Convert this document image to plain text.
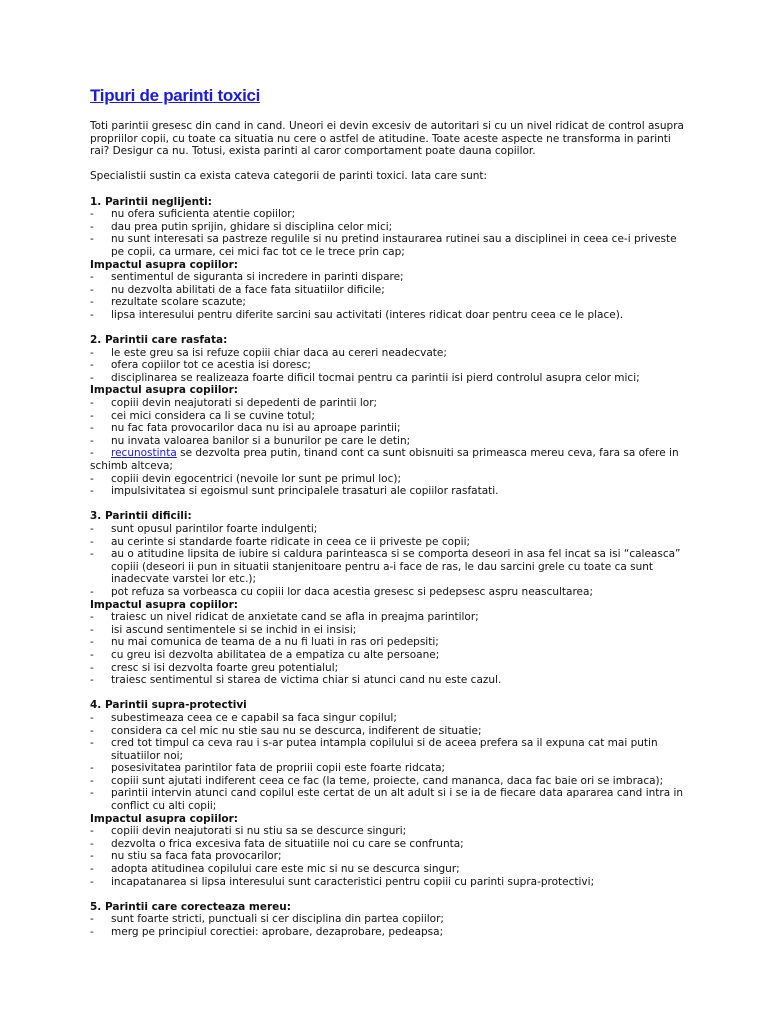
Tipuri de parinti toxici

Toti parintii gresesc din cand in cand. Uneori ei devin excesiv de autoritari si cu un nivel ridicat de control asupra propriilor copii, cu toate ca situatia nu cere o astfel de atitudine. Toate aceste aspecte ne transforma in parinti rai? Desigur ca nu. Totusi, exista parinti al caror comportament poate dauna copiilor.

Specialistii sustin ca exista cateva categorii de parinti toxici. Iata care sunt:

1. Parintii neglijenti:

- nu ofera suficienta atentie copiilor;
- dau prea putin sprijin, ghidare si disciplina celor mici;
- nu sunt interesati sa pastreze regulile si nu pretind instaurarea rutinei sau a disciplinei in ceea ce-i priveste pe copii, ca urmare, cei mici fac tot ce le trece prin cap;

Impactul asupra copiilor:

- sentimentul de siguranta si incredere in parinti dispare;
- nu dezvolta abilitati de a face fata situatiilor dificile;
- rezultate scolare scazute;
- lipsa interesului pentru diferite sarcini sau activitati (interes ridicat doar pentru ceea ce le place).

2. Parintii care rasfata:

- le este greu sa isi refuze copiii chiar daca au cereri neadecvate;
- ofera copiilor tot ce acestia isi doresc;
- disciplinarea se realizeaza foarte dificil tocmai pentru ca parintii isi pierd controlul asupra celor mici;

Impactul asupra copiilor:

- copiii devin neajutorati si depedenti de parintii lor;
- cei mici considera ca li se cuvine totul;
- nu fac fata provocarilor daca nu isi au aproape parintii;
- nu invata valoarea banilor si a bunurilor pe care le detin;
- recunostinta se dezvolta prea putin, tinand cont ca sunt obisnuiti sa primeasca mereu ceva, fara sa ofere in schimb altceva;
- copiii devin egocentrici (nevoile lor sunt pe primul loc);
- impulsivitatea si egoismul sunt principalele trasaturi ale copiilor rasfatati.

3. Parintii dificili:

- sunt opusul parintilor foarte indulgenti;
- au cerinte si standarde foarte ridicate in ceea ce ii priveste pe copii;
- au o atitudine lipsita de iubire si caldura parinteasca si se comporta deseori in asa fel incat sa isi “caleasca” copiii (deseori ii pun in situatii stanjenitoare pentru a-i face de ras, le dau sarcini grele cu toate ca sunt inadecvate varstei lor etc.);
- pot refuza sa vorbeasca cu copiii lor daca acestia gresesc si pedepsesc aspru neascultarea;

Impactul asupra copiilor:

- traiesc un nivel ridicat de anxietate cand se afla in preajma parintilor;
- isi ascund sentimentele si se inchid in ei insisi;
- nu mai comunica de teama de a nu fi luati in ras ori pedepsiti;
- cu greu isi dezvolta abilitatea de a empatiza cu alte persoane;
- cresc si isi dezvolta foarte greu potentialul;
- traiesc sentimentul si starea de victima chiar si atunci cand nu este cazul.

4. Parintii supra-protectivi

- subestimeaza ceea ce e capabil sa faca singur copilul;
- considera ca cel mic nu stie sau nu se descurca, indiferent de situatie;
- cred tot timpul ca ceva rau i s-ar putea intampla copilului si de aceea prefera sa il expuna cat mai putin situatiilor noi;
- posesivitatea parintilor fata de propriii copii este foarte ridcata;
- copiii sunt ajutati indiferent ceea ce fac (la teme, proiecte, cand mananca, daca fac baie ori se imbraca);
- parintii intervin atunci cand copilul este certat de un alt adult si i se ia de fiecare data apararea cand intra in conflict cu alti copii;

Impactul asupra copiilor:

- copiii devin neajutorati si nu stiu sa se descurce singuri;
- dezvolta o frica excesiva fata de situatiile noi cu care se confrunta;
- nu stiu sa faca fata provocarilor;
- adopta atitudinea copilului care este mic si nu se descurca singur;
- incapatanarea si lipsa interesului sunt caracteristici pentru copiii cu parinti supra-protectivi;

5. Parintii care corecteaza mereu:

- sunt foarte stricti, punctuali si cer disciplina din partea copiilor;
- merg pe principiul corectiei: aprobare, dezaprobare, pedeapsa;
